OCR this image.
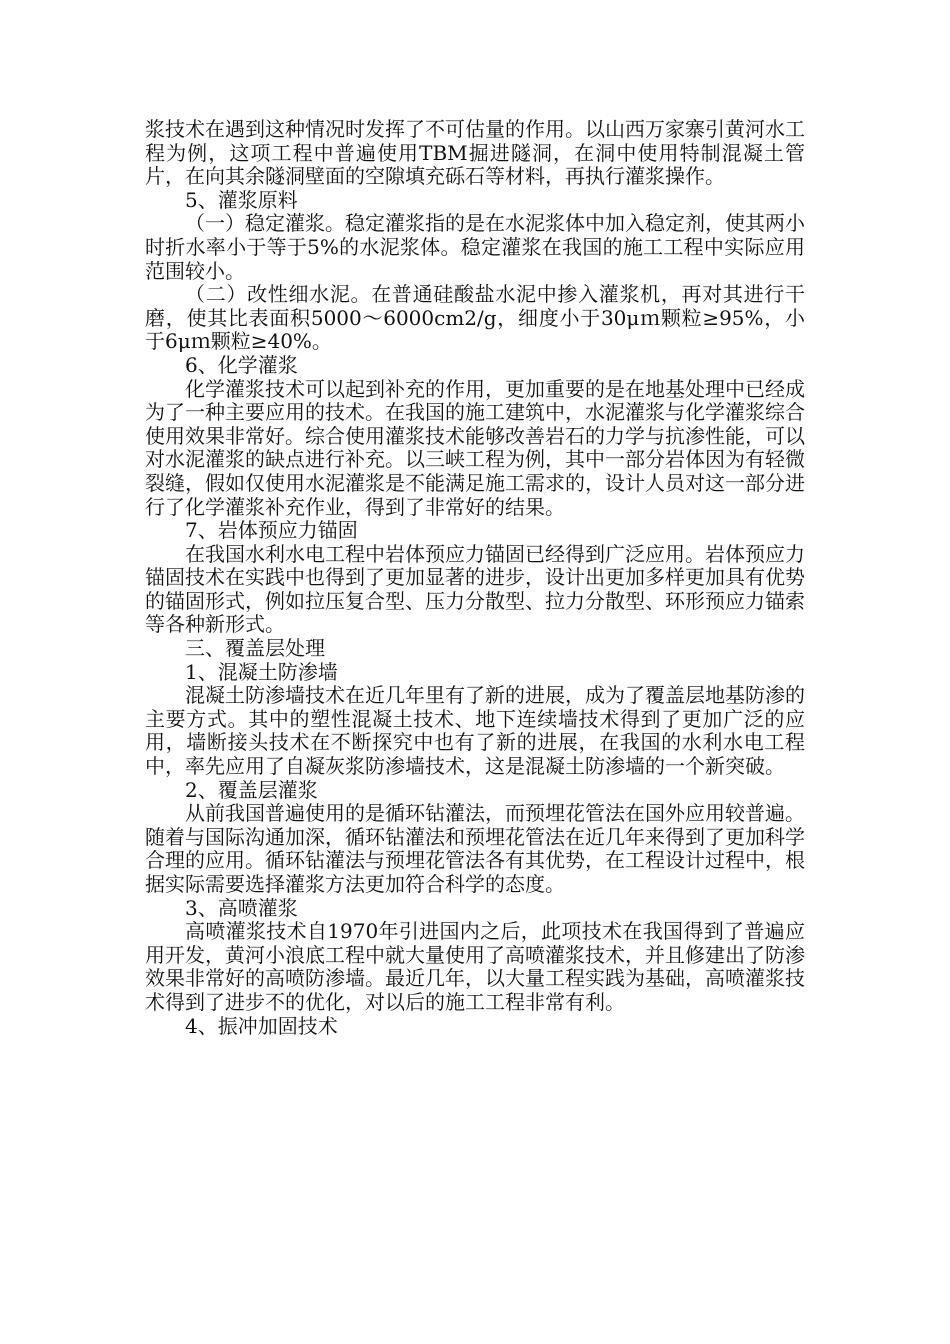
浆技术在遇到这种情况时发挥了不可估量的作用。以山西万家寨引黄河水工程为例，这项工程中普遍使用TBM掘进隧洞，在洞中使用特制混凝土管片，在向其余隧洞壁面的空隙填充砾石等材料，再执行灌浆操作。

5、灌浆原料

（一）稳定灌浆。稳定灌浆指的是在水泥浆体中加入稳定剂，使其两小时折水率小于等于5%的水泥浆体。稳定灌浆在我国的施工工程中实际应用范围较小。

（二）改性细水泥。在普通硅酸盐水泥中掺入灌浆机，再对其进行干磨，使其比表面积5000～6000cm2/g，细度小于30μｍ颗粒≥95%，小于6μｍ颗粒≥40%。

6、化学灌浆

化学灌浆技术可以起到补充的作用，更加重要的是在地基处理中已经成为了一种主要应用的技术。在我国的施工建筑中，水泥灌浆与化学灌浆综合使用效果非常好。综合使用灌浆技术能够改善岩石的力学与抗渗性能，可以对水泥灌浆的缺点进行补充。以三峡工程为例，其中一部分岩体因为有轻微裂缝，假如仅使用水泥灌浆是不能满足施工需求的，设计人员对这一部分进行了化学灌浆补充作业，得到了非常好的结果。

7、岩体预应力锚固

在我国水利水电工程中岩体预应力锚固已经得到广泛应用。岩体预应力锚固技术在实践中也得到了更加显著的进步，设计出更加多样更加具有优势的锚固形式，例如拉压复合型、压力分散型、拉力分散型、环形预应力锚索等各种新形式。

三、覆盖层处理

1、混凝土防渗墙

混凝土防渗墙技术在近几年里有了新的进展，成为了覆盖层地基防渗的主要方式。其中的塑性混凝土技术、地下连续墙技术得到了更加广泛的应用，墙断接头技术在不断探究中也有了新的进展，在我国的水利水电工程中，率先应用了自凝灰浆防渗墙技术，这是混凝土防渗墙的一个新突破。

2、覆盖层灌浆

从前我国普遍使用的是循环钻灌法，而预埋花管法在国外应用较普遍。随着与国际沟通加深，循环钻灌法和预埋花管法在近几年来得到了更加科学合理的应用。循环钻灌法与预埋花管法各有其优势，在工程设计过程中，根据实际需要选择灌浆方法更加符合科学的态度。

3、高喷灌浆

高喷灌浆技术自1970年引进国内之后，此项技术在我国得到了普遍应用开发，黄河小浪底工程中就大量使用了高喷灌浆技术，并且修建出了防渗效果非常好的高喷防渗墙。最近几年，以大量工程实践为基础，高喷灌浆技术得到了进步不的优化，对以后的施工工程非常有利。

4、振冲加固技术
